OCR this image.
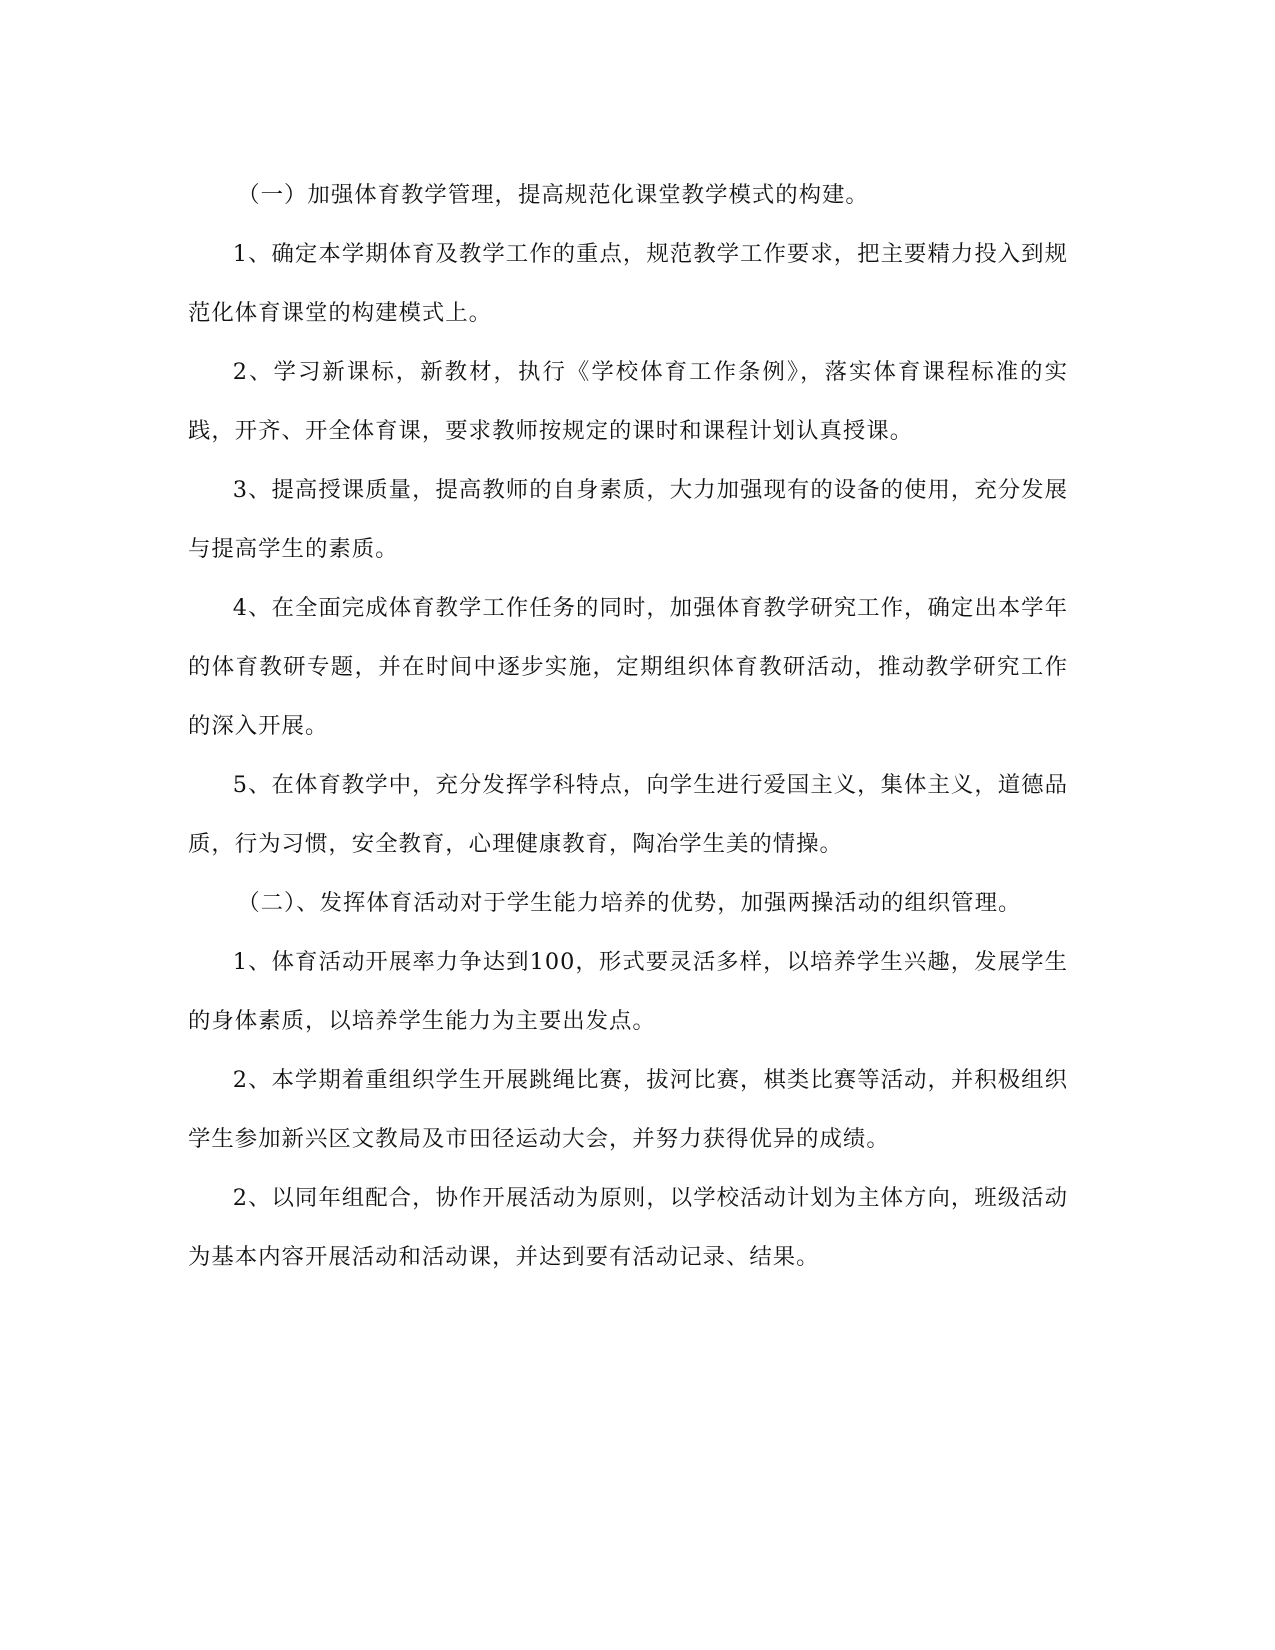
（一）加强体育教学管理，提高规范化课堂教学模式的构建。

1、确定本学期体育及教学工作的重点，规范教学工作要求，把主要精力投入到规范化体育课堂的构建模式上。

2、学习新课标，新教材，执行《学校体育工作条例》，落实体育课程标准的实践，开齐、开全体育课，要求教师按规定的课时和课程计划认真授课。

3、提高授课质量，提高教师的自身素质，大力加强现有的设备的使用，充分发展与提高学生的素质。

4、在全面完成体育教学工作任务的同时，加强体育教学研究工作，确定出本学年的体育教研专题，并在时间中逐步实施，定期组织体育教研活动，推动教学研究工作的深入开展。

5、在体育教学中，充分发挥学科特点，向学生进行爱国主义，集体主义，道德品质，行为习惯，安全教育，心理健康教育，陶冶学生美的情操。

（二）、发挥体育活动对于学生能力培养的优势，加强两操活动的组织管理。

1、体育活动开展率力争达到100，形式要灵活多样，以培养学生兴趣，发展学生的身体素质，以培养学生能力为主要出发点。

2、本学期着重组织学生开展跳绳比赛，拔河比赛，棋类比赛等活动，并积极组织学生参加新兴区文教局及市田径运动大会，并努力获得优异的成绩。

2、以同年组配合，协作开展活动为原则，以学校活动计划为主体方向，班级活动为基本内容开展活动和活动课，并达到要有活动记录、结果。
